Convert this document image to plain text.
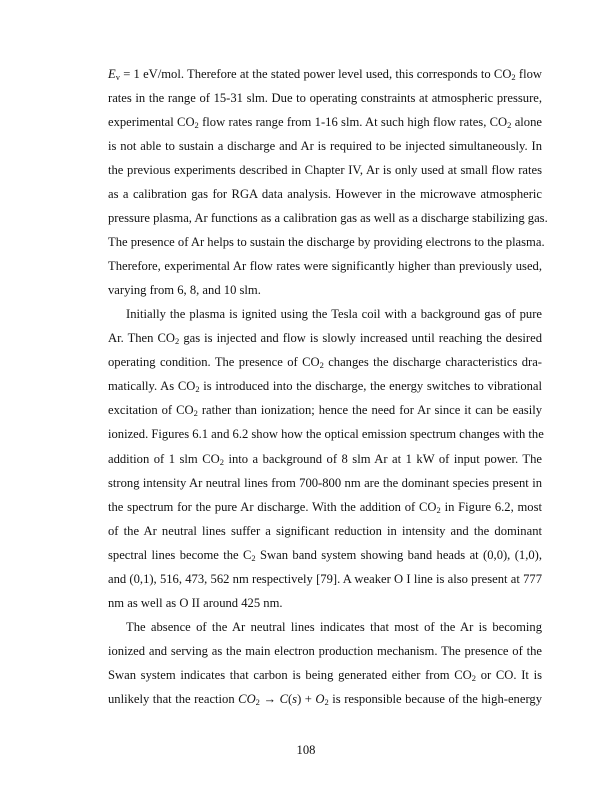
$E_v = 1$ eV/mol. Therefore at the stated power level used, this corresponds to $CO_2$ flow
rates in the range of 15-31 slm. Due to operating constraints at atmospheric pressure,
experimental $CO_2$ flow rates range from 1-16 slm. At such high flow rates, $CO_2$ alone
is not able to sustain a discharge and Ar is required to be injected simultaneously. In
the previous experiments described in Chapter IV, Ar is only used at small flow rates
as a calibration gas for RGA data analysis. However in the microwave atmospheric
pressure plasma, Ar functions as a calibration gas as well as a discharge stabilizing gas.
The presence of Ar helps to sustain the discharge by providing electrons to the plasma.
Therefore, experimental Ar flow rates were significantly higher than previously used,
varying from 6, 8, and 10 slm.
Initially the plasma is ignited using the Tesla coil with a background gas of pure
Ar. Then $CO_2$ gas is injected and flow is slowly increased until reaching the desired
operating condition. The presence of $CO_2$ changes the discharge characteristics dra-
matically. As $CO_2$ is introduced into the discharge, the energy switches to vibrational
excitation of $CO_2$ rather than ionization; hence the need for Ar since it can be easily
ionized. Figures 6.1 and 6.2 show how the optical emission spectrum changes with the
addition of 1 slm $CO_2$ into a background of 8 slm Ar at 1 kW of input power. The
strong intensity Ar neutral lines from 700-800 nm are the dominant species present in
the spectrum for the pure Ar discharge. With the addition of $CO_2$ in Figure 6.2, most
of the Ar neutral lines suffer a significant reduction in intensity and the dominant
spectral lines become the $C_2$ Swan band system showing band heads at (0,0), (1,0),
and (0,1), 516, 473, 562 nm respectively [79]. A weaker O I line is also present at 777
nm as well as O II around 425 nm.
The absence of the Ar neutral lines indicates that most of the Ar is becoming
ionized and serving as the main electron production mechanism. The presence of the
Swan system indicates that carbon is being generated either from $CO_2$ or CO. It is
unlikely that the reaction $CO_2 \to C(s) + O_2$ is responsible because of the high-energy
108
